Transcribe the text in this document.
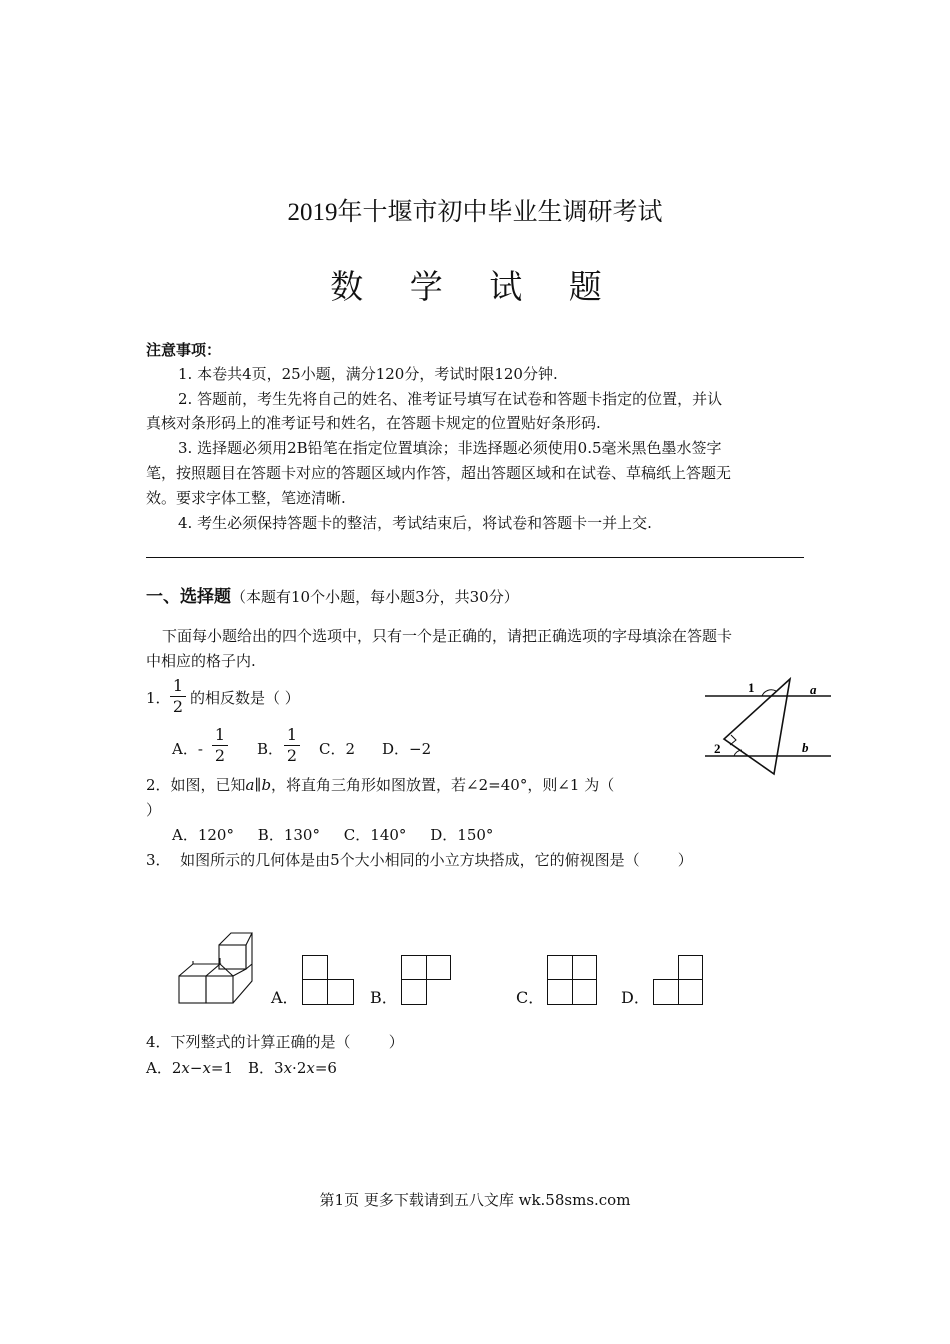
2019年十堰市初中毕业生调研考试
数 学 试 题
注意事项：
1. 本卷共4页，25小题，满分120分，考试时限120分钟.
2. 答题前，考生先将自己的姓名、准考证号填写在试卷和答题卡指定的位置，并认
真核对条形码上的准考证号和姓名，在答题卡规定的位置贴好条形码.
3. 选择题必须用2B铅笔在指定位置填涂；非选择题必须使用0.5毫米黑色墨水签字
笔，按照题目在答题卡对应的答题区域内作答，超出答题区域和在试卷、草稿纸上答题无
效。要求字体工整，笔迹清晰.
4. 考生必须保持答题卡的整洁，考试结束后，将试卷和答题卡一并上交.
一、选择题（本题有10个小题，每小题3分，共30分）
下面每小题给出的四个选项中，只有一个是正确的，请把正确选项的字母填涂在答题卡
中相应的格子内.
1． $\frac{1}{2}$ 的相反数是（ ）
A．- $\frac{1}{2}$ B． $\frac{1}{2}$ C．2 D．−2
1	a
2	b
2．如图，已知a∥b，将直角三角形如图放置，若∠2=40°，则∠1 为（
）
A．120°     B．130°     C．140°     D．150°
3．  如图所示的几何体是由5个大小相同的小立方块搭成，它的俯视图是（        ）
A．	B．	C．	D．
4．下列整式的计算正确的是（        ）
A．2x−x=1 B．3x·2x=6
第1页 更多下载请到五八文库 wk.58sms.com
